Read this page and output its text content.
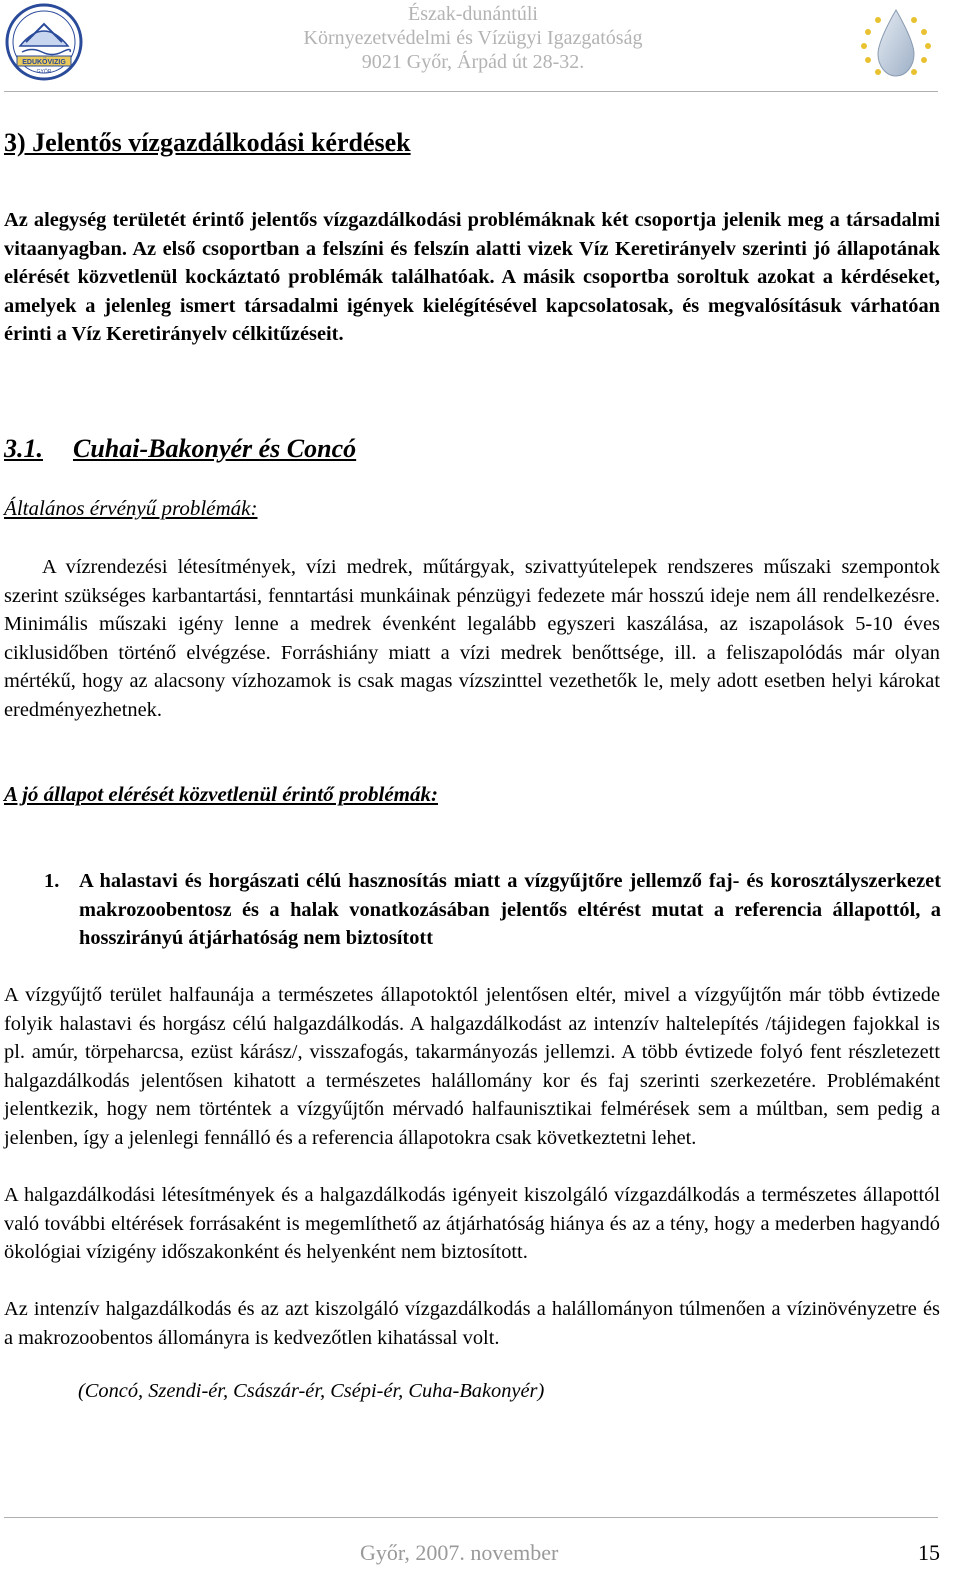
EDUKÖVIZIG
GYŐR
Észak-dunántúli
Környezetvédelmi és Vízügyi Igazgatóság
9021 Győr, Árpád út 28-32.
3) Jelentős vízgazdálkodási kérdések

Az alegység területét érintő jelentős vízgazdálkodási problémáknak két csoportja jelenik meg a társadalmi vitaanyagban. Az első csoportban a felszíni és felszín alatti vizek Víz Keretirányelv szerinti jó állapotának elérését közvetlenül kockáztató problémák találhatóak. A másik csoportba soroltuk azokat a kérdéseket, amelyek a jelenleg ismert társadalmi igények kielégítésével kapcsolatosak, és megvalósításuk várhatóan érinti a Víz Keretirányelv célkitűzéseit.

3.1. Cuhai-Bakonyér és Concó

Általános érvényű problémák:

A vízrendezési létesítmények, vízi medrek, műtárgyak, szivattyútelepek rendszeres műszaki szempontok szerint szükséges karbantartási, fenntartási munkáinak pénzügyi fedezete már hosszú ideje nem áll rendelkezésre. Minimális műszaki igény lenne a medrek évenként legalább egyszeri kaszálása, az iszapolások 5-10 éves ciklusidőben történő elvégzése. Forráshiány miatt a vízi medrek benőttsége, ill. a feliszapolódás már olyan mértékű, hogy az alacsony vízhozamok is csak magas vízszinttel vezethetők le, mely adott esetben helyi károkat eredményezhetnek.

A jó állapot elérését közvetlenül érintő problémák:

1. A halastavi és horgászati célú hasznosítás miatt a vízgyűjtőre jellemző faj- és korosztályszerkezet makrozoobentosz és a halak vonatkozásában jelentős eltérést mutat a referencia állapottól, a hosszirányú átjárhatóság nem biztosított

A vízgyűjtő terület halfaunája a természetes állapotoktól jelentősen eltér, mivel a vízgyűjtőn már több évtizede folyik halastavi és horgász célú halgazdálkodás. A halgazdálkodást az intenzív haltelepítés /tájidegen fajokkal is pl. amúr, törpeharcsa, ezüst kárász/, visszafogás, takarmányozás jellemzi. A több évtizede folyó fent részletezett halgazdálkodás jelentősen kihatott a természetes halállomány kor és faj szerinti szerkezetére. Problémaként jelentkezik, hogy nem történtek a vízgyűjtőn mérvadó halfaunisztikai felmérések sem a múltban, sem pedig a jelenben, így a jelenlegi fennálló és a referencia állapotokra csak következtetni lehet.

A halgazdálkodási létesítmények és a halgazdálkodás igényeit kiszolgáló vízgazdálkodás a természetes állapottól való további eltérések forrásaként is megemlíthető az átjárhatóság hiánya és az a tény, hogy a mederben hagyandó ökológiai vízigény időszakonként és helyenként nem biztosított.

Az intenzív halgazdálkodás és az azt kiszolgáló vízgazdálkodás a halállományon túlmenően a vízinövényzetre és a makrozoobentos állományra is kedvezőtlen kihatással volt.

(Concó, Szendi-ér, Császár-ér, Csépi-ér, Cuha-Bakonyér)

Győr, 2007. november	15
